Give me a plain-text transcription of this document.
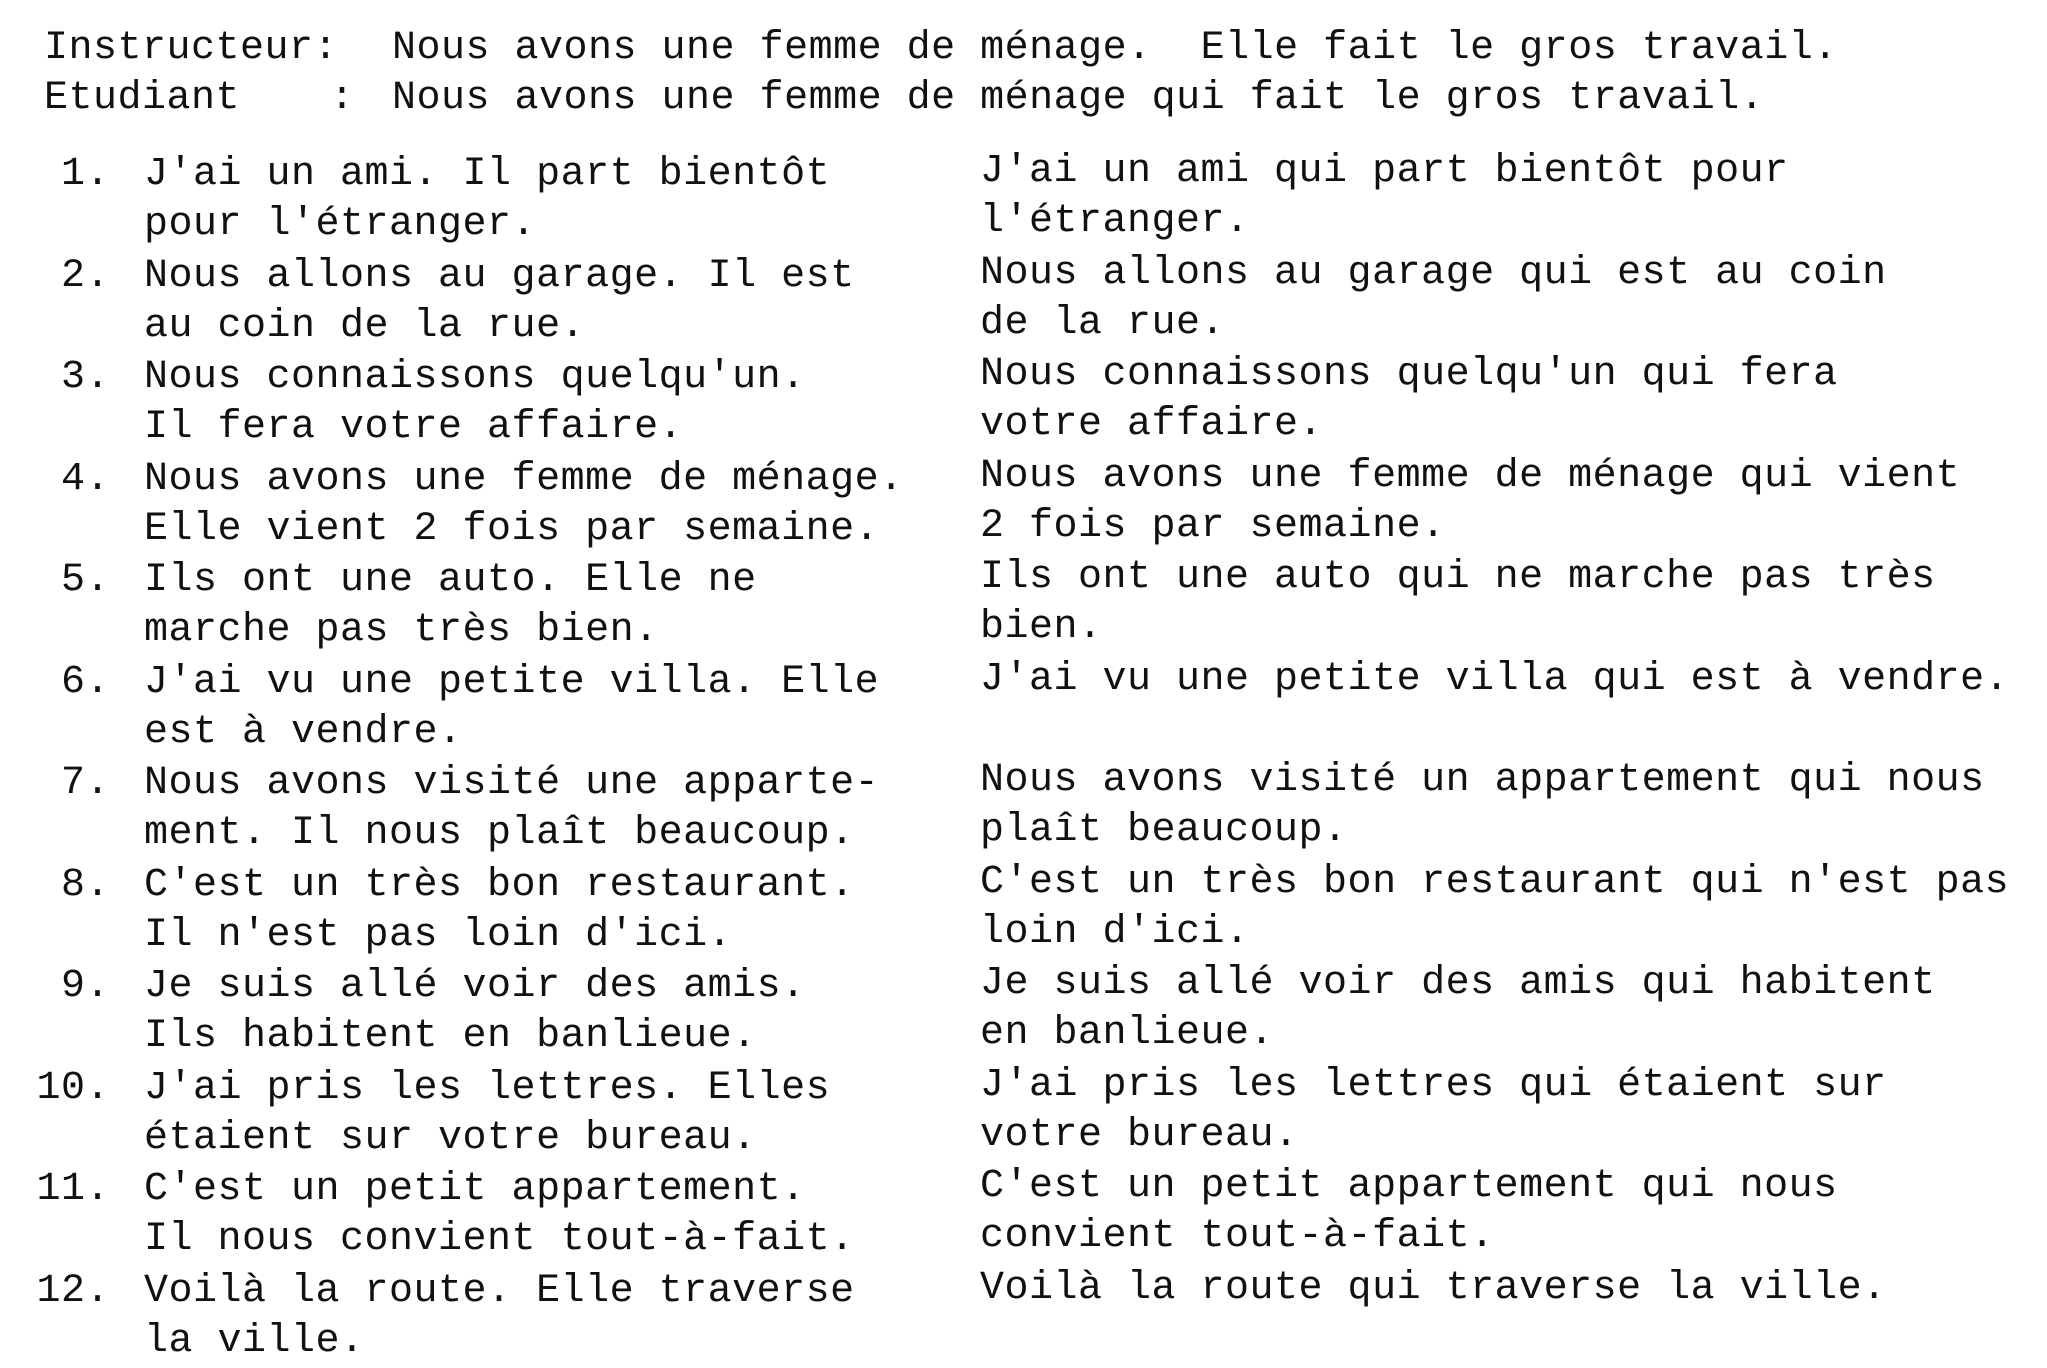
Instructeur: Nous avons une femme de ménage.  Elle fait le gros travail.
Etudiant : Nous avons une femme de ménage qui fait le gros travail.
1. J'ai un ami. Il part bientôt
pour l'étranger.
J'ai un ami qui part bientôt pour
l'étranger.
2. Nous allons au garage. Il est
au coin de la rue.
Nous allons au garage qui est au coin
de la rue.
3. Nous connaissons quelqu'un.
Il fera votre affaire.
Nous connaissons quelqu'un qui fera
votre affaire.
4. Nous avons une femme de ménage.
Elle vient 2 fois par semaine.
Nous avons une femme de ménage qui vient
2 fois par semaine.
5. Ils ont une auto. Elle ne
marche pas très bien.
Ils ont une auto qui ne marche pas très
bien.
6. J'ai vu une petite villa. Elle
est à vendre.
J'ai vu une petite villa qui est à vendre.
7. Nous avons visité une apparte-
ment. Il nous plaît beaucoup.
Nous avons visité un appartement qui nous
plaît beaucoup.
8. C'est un très bon restaurant.
Il n'est pas loin d'ici.
C'est un très bon restaurant qui n'est pas
loin d'ici.
9. Je suis allé voir des amis.
Ils habitent en banlieue.
Je suis allé voir des amis qui habitent
en banlieue.
10. J'ai pris les lettres. Elles
étaient sur votre bureau.
J'ai pris les lettres qui étaient sur
votre bureau.
11. C'est un petit appartement.
Il nous convient tout-à-fait.
C'est un petit appartement qui nous
convient tout-à-fait.
12. Voilà la route. Elle traverse
la ville.
Voilà la route qui traverse la ville.
